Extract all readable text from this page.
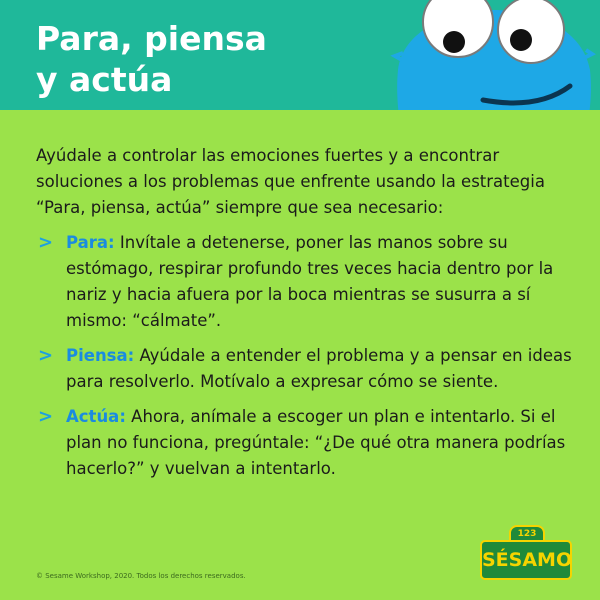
Para, piensa
y actúa

Ayúdale a controlar las emociones fuertes y a encontrar soluciones a los problemas que enfrente usando la estrategia “Para, piensa, actúa” siempre que sea necesario:

> Para: Invítale a detenerse, poner las manos sobre su estómago, respirar profundo tres veces hacia dentro por la nariz y hacia afuera por la boca mientras se susurra a sí mismo: “cálmate”.
> Piensa: Ayúdale a entender el problema y a pensar en ideas para resolverlo. Motívalo a expresar cómo se siente.
> Actúa: Ahora, anímale a escoger un plan e intentarlo. Si el plan no funciona, pregúntale: “¿De qué otra manera podrías hacerlo?” y vuelvan a intentarlo.
© Sesame Workshop, 2020. Todos los derechos reservados.
123
SÉSAMO
